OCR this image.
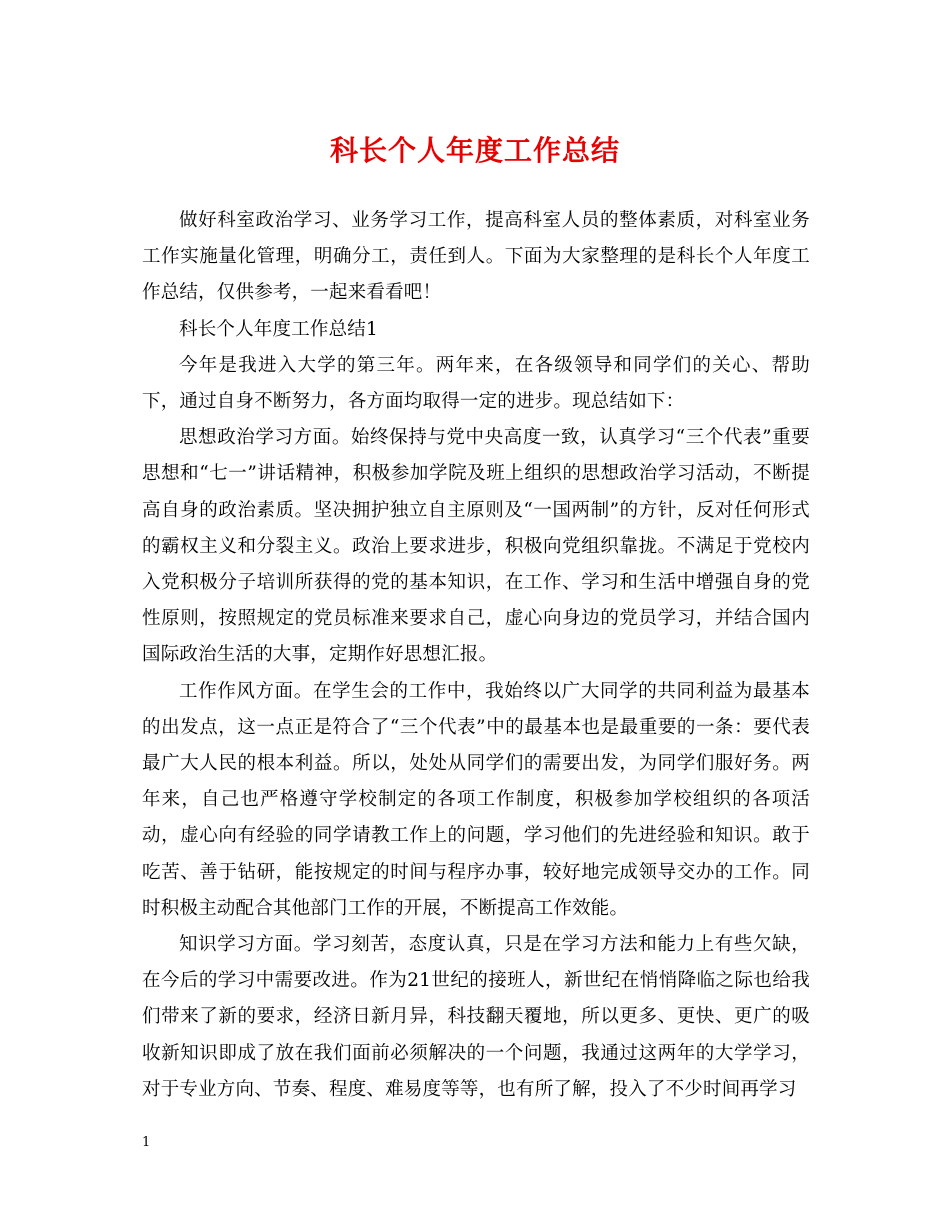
科长个人年度工作总结

做好科室政治学习、业务学习工作，提高科室人员的整体素质，对科室业务工作实施量化管理，明确分工，责任到人。下面为大家整理的是科长个人年度工作总结，仅供参考，一起来看看吧！

科长个人年度工作总结1

今年是我进入大学的第三年。两年来，在各级领导和同学们的关心、帮助下，通过自身不断努力，各方面均取得一定的进步。现总结如下：

思想政治学习方面。始终保持与党中央高度一致，认真学习“三个代表”重要思想和“七一”讲话精神，积极参加学院及班上组织的思想政治学习活动，不断提高自身的政治素质。坚决拥护独立自主原则及“一国两制”的方针，反对任何形式的霸权主义和分裂主义。政治上要求进步，积极向党组织靠拢。不满足于党校内入党积极分子培训所获得的党的基本知识，在工作、学习和生活中增强自身的党性原则，按照规定的党员标准来要求自己，虚心向身边的党员学习，并结合国内国际政治生活的大事，定期作好思想汇报。

工作作风方面。在学生会的工作中，我始终以广大同学的共同利益为最基本的出发点，这一点正是符合了“三个代表”中的最基本也是最重要的一条：要代表最广大人民的根本利益。所以，处处从同学们的需要出发，为同学们服好务。两年来，自己也严格遵守学校制定的各项工作制度，积极参加学校组织的各项活动，虚心向有经验的同学请教工作上的问题，学习他们的先进经验和知识。敢于吃苦、善于钻研，能按规定的时间与程序办事，较好地完成领导交办的工作。同时积极主动配合其他部门工作的开展，不断提高工作效能。

知识学习方面。学习刻苦，态度认真，只是在学习方法和能力上有些欠缺，在今后的学习中需要改进。作为21世纪的接班人，新世纪在悄悄降临之际也给我们带来了新的要求，经济日新月异，科技翻天覆地，所以更多、更快、更广的吸收新知识即成了放在我们面前必须解决的一个问题，我通过这两年的大学学习，对于专业方向、节奏、程度、难易度等等，也有所了解，投入了不少时间再学习

1
